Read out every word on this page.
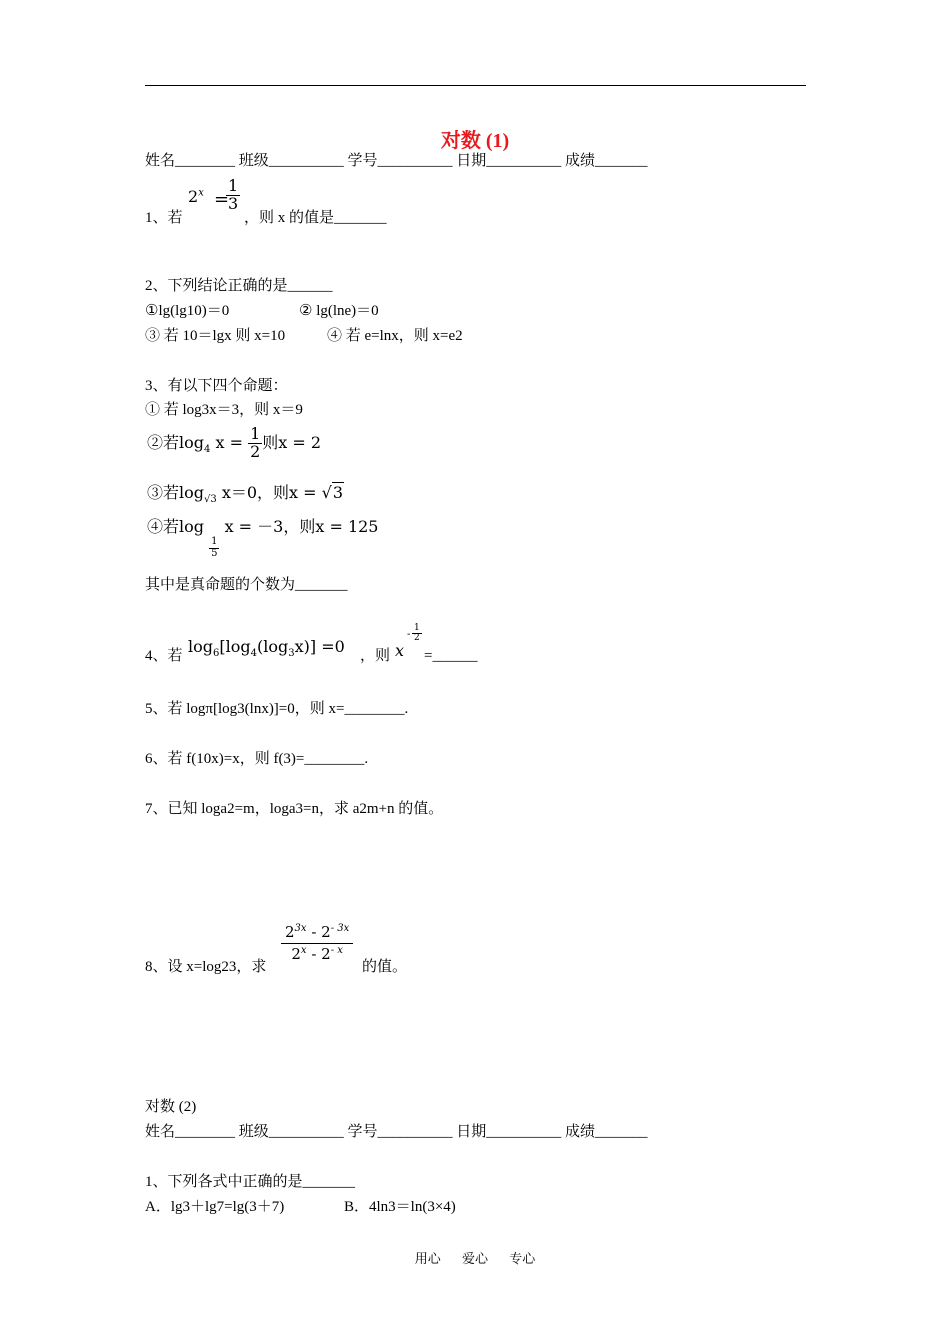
对数 (1)
姓名________ 班级__________ 学号__________ 日期__________ 成绩_______
1、若
$2^x$ =
$\frac{1}{3}$
，则 x 的值是_______
2、下列结论正确的是______
①lg(lg10)＝0	② lg(lne)＝0
③ 若 10＝lgx 则 x=10	④ 若 e=lnx，则 x=e2
3、有以下四个命题：
① 若 log3x＝3，则 x＝9
②若$\log_4 x = \frac{1}{2}$ 则x = 2
③若$\log_{√3} x=0$，则x = √3
④若log
$\frac{1}{5}$
x = －3，则x = 125
其中是真命题的个数为_______
4、若 $\log_6[\log_4(\log_3x)] =0$ ，则 x
- $\frac{1}{2}$
=______
5、若 logπ[log3(lnx)]=0，则 x=________.
6、若 f(10x)=x，则 f(3)=________.
7、已知 loga2=m，loga3=n，求 a2m+n 的值。
8、设 x=log23，求
$\frac{2^{3x} - 2^{- 3x}}{2^x - 2^{- x}}$
的值。
对数 (2)
姓名________ 班级__________ 学号__________ 日期__________ 成绩_______
1、下列各式中正确的是_______
A．lg3＋lg7=lg(3＋7)	B．4ln3＝ln(3×4)
用心 爱心 专心
